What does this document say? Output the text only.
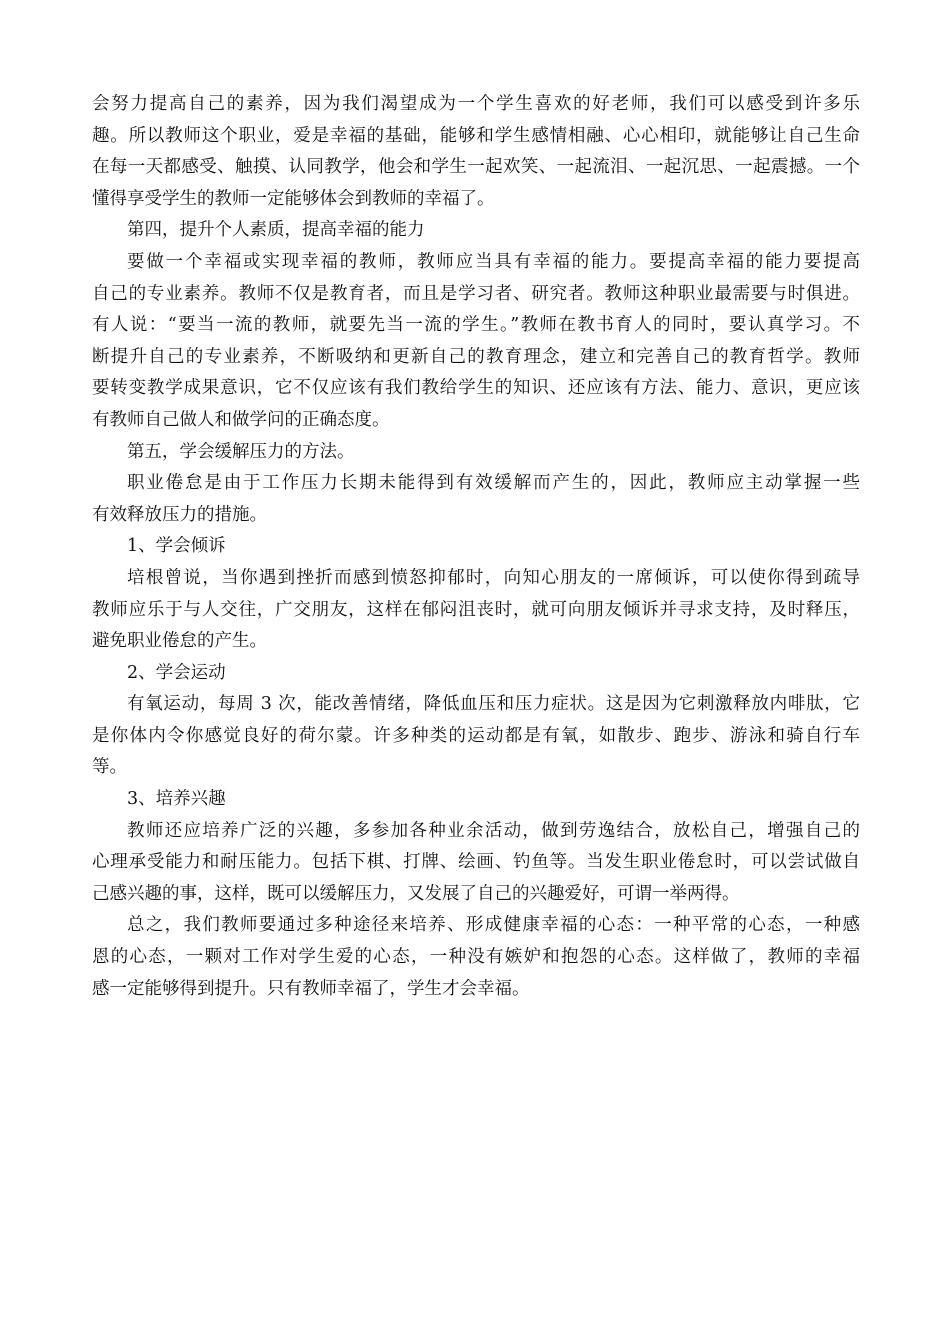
会努力提高自己的素养，因为我们渴望成为一个学生喜欢的好老师，我们可以感受到许多乐
趣。所以教师这个职业，爱是幸福的基础，能够和学生感情相融、心心相印，就能够让自己生命
在每一天都感受、触摸、认同教学，他会和学生一起欢笑、一起流泪、一起沉思、一起震撼。一个
懂得享受学生的教师一定能够体会到教师的幸福了。
第四，提升个人素质，提高幸福的能力
要做一个幸福或实现幸福的教师，教师应当具有幸福的能力。要提高幸福的能力要提高
自己的专业素养。教师不仅是教育者，而且是学习者、研究者。教师这种职业最需要与时俱进。
有人说：“要当一流的教师，就要先当一流的学生。”教师在教书育人的同时，要认真学习。不
断提升自己的专业素养，不断吸纳和更新自己的教育理念，建立和完善自己的教育哲学。教师
要转变教学成果意识，它不仅应该有我们教给学生的知识、还应该有方法、能力、意识，更应该
有教师自己做人和做学问的正确态度。
第五，学会缓解压力的方法。
职业倦怠是由于工作压力长期未能得到有效缓解而产生的，因此，教师应主动掌握一些
有效释放压力的措施。
1、学会倾诉
培根曾说，当你遇到挫折而感到愤怒抑郁时，向知心朋友的一席倾诉，可以使你得到疏导
教师应乐于与人交往，广交朋友，这样在郁闷沮丧时，就可向朋友倾诉并寻求支持，及时释压，
避免职业倦怠的产生。
2、学会运动
有氧运动，每周 3 次，能改善情绪，降低血压和压力症状。这是因为它刺激释放内啡肽，它
是你体内令你感觉良好的荷尔蒙。许多种类的运动都是有氧，如散步、跑步、游泳和骑自行车
等。
3、培养兴趣
教师还应培养广泛的兴趣，多参加各种业余活动，做到劳逸结合，放松自己，增强自己的
心理承受能力和耐压能力。包括下棋、打牌、绘画、钓鱼等。当发生职业倦怠时，可以尝试做自
己感兴趣的事，这样，既可以缓解压力，又发展了自己的兴趣爱好，可谓一举两得。
总之，我们教师要通过多种途径来培养、形成健康幸福的心态：一种平常的心态，一种感
恩的心态，一颗对工作对学生爱的心态，一种没有嫉妒和抱怨的心态。这样做了，教师的幸福
感一定能够得到提升。只有教师幸福了，学生才会幸福。
